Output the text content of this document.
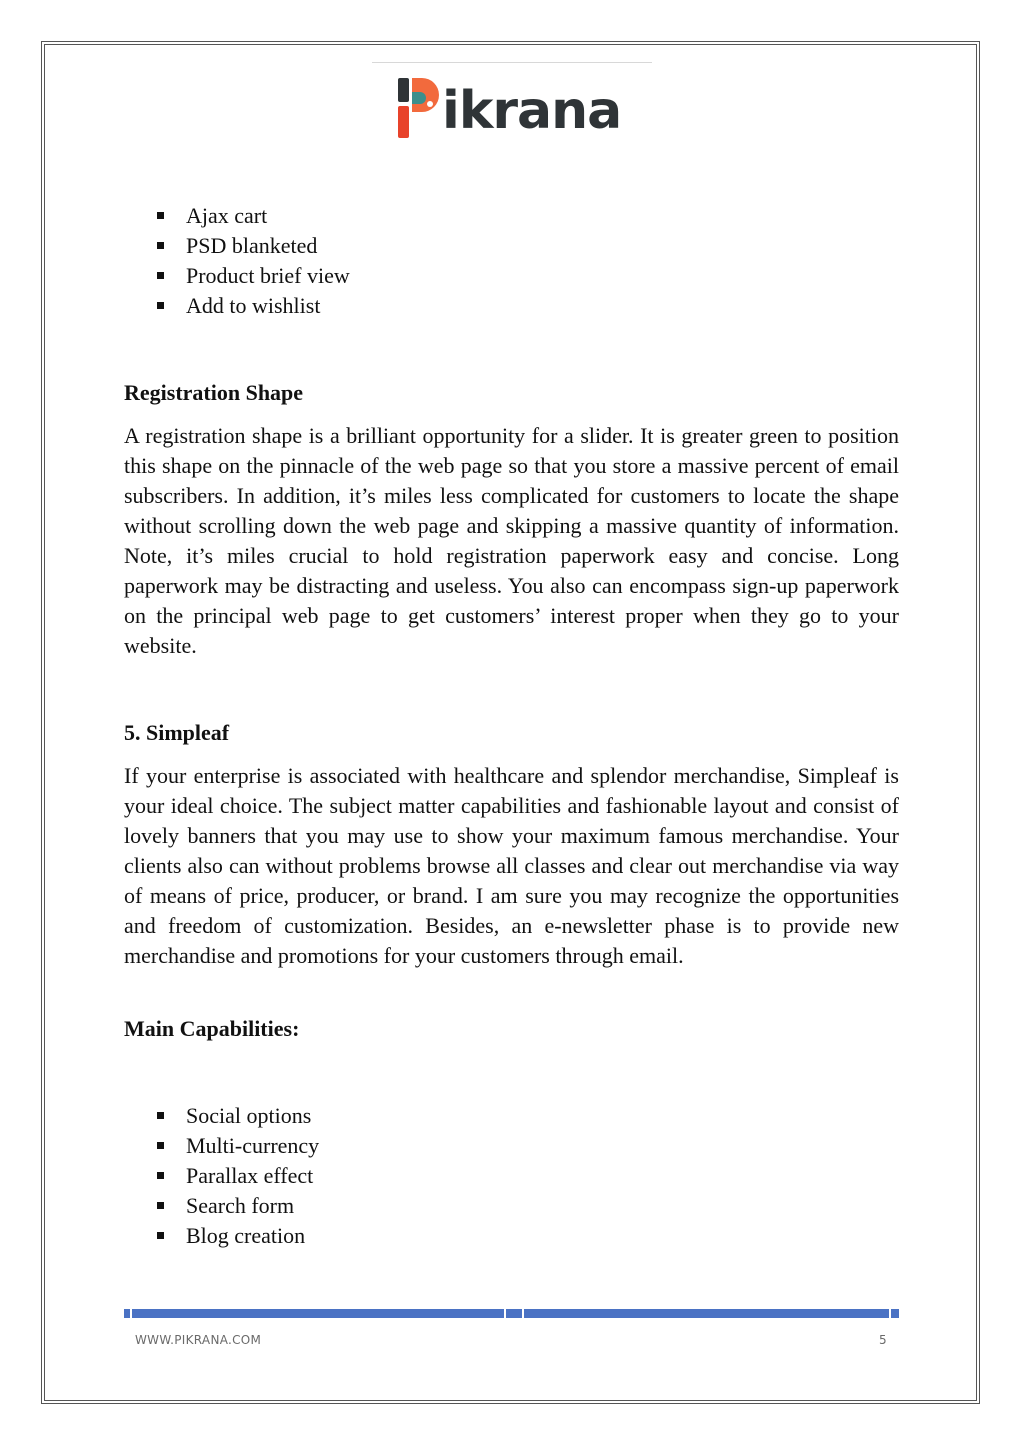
ikrana
Ajax cart
PSD blanketed
Product brief view
Add to wishlist

Registration Shape

A registration shape is a brilliant opportunity for a slider. It is greater green to position this shape on the pinnacle of the web page so that you store a massive percent of email subscribers. In addition, it’s miles less complicated for customers to locate the shape without scrolling down the web page and skipping a massive quantity of information. Note, it’s miles crucial to hold registration paperwork easy and concise. Long paperwork may be distracting and useless. You also can encompass sign-up paperwork on the principal web page to get customers’ interest proper when they go to your website.

5. Simpleaf

If your enterprise is associated with healthcare and splendor merchandise, Simpleaf is your ideal choice. The subject matter capabilities and fashionable layout and consist of lovely banners that you may use to show your maximum famous merchandise. Your clients also can without problems browse all classes and clear out merchandise via way of means of price, producer, or brand. I am sure you may recognize the opportunities and freedom of customization. Besides, an e-newsletter phase is to provide new merchandise and promotions for your customers through email.

Main Capabilities:

Social options
Multi-currency
Parallax effect
Search form
Blog creation
WWW.PIKRANA.COM	5
